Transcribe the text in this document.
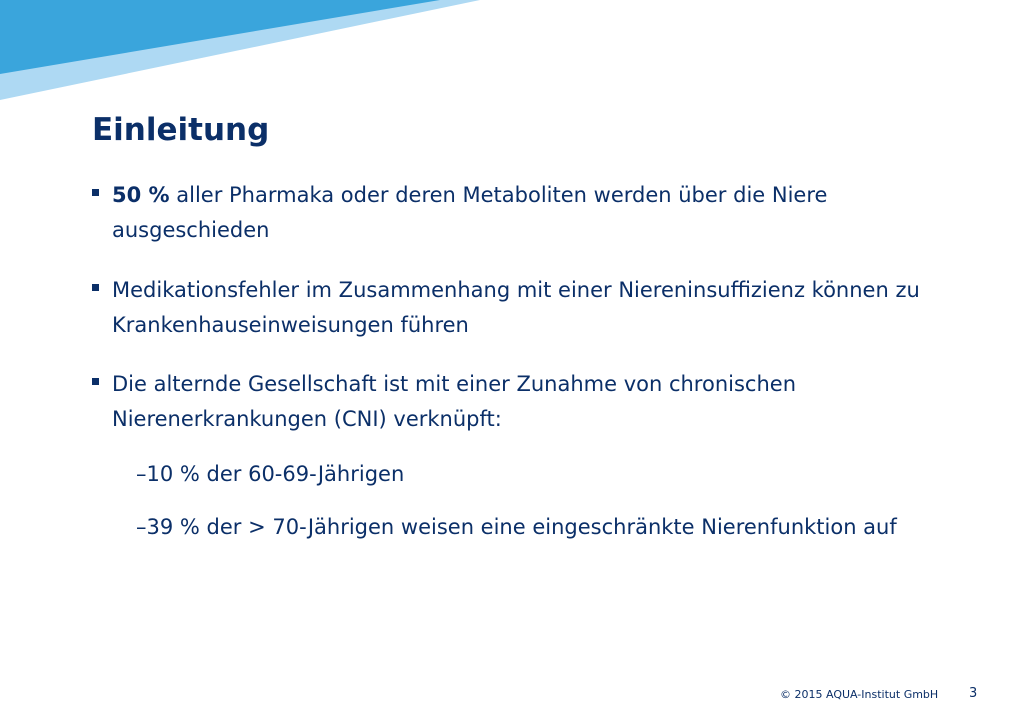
Einleitung
50 % aller Pharmaka oder deren Metaboliten werden über die Niere ausgeschieden
Medikationsfehler im Zusammenhang mit einer Niereninsuffizienz können zu Krankenhauseinweisungen führen
Die alternde Gesellschaft ist mit einer Zunahme von chronischen Nierenerkrankungen (CNI) verknüpft:
–10 % der 60-69-Jährigen
–39 % der > 70-Jährigen weisen eine eingeschränkte Nierenfunktion auf
© 2015 AQUA-Institut GmbH 3
